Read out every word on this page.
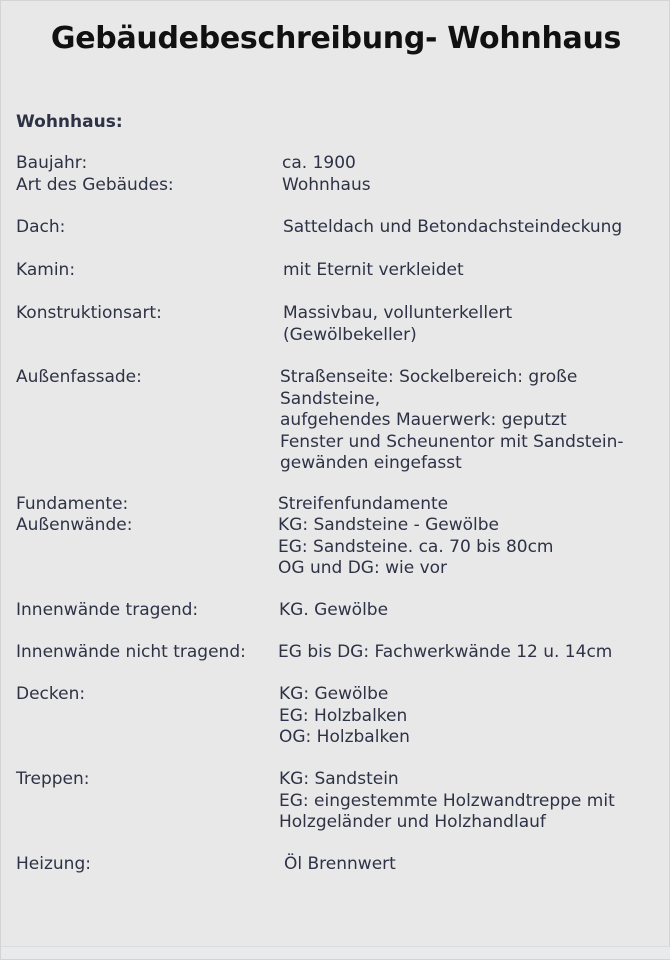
Gebäudebeschreibung- Wohnhaus
Wohnhaus:
Baujahr:	ca. 1900
Art des Gebäudes:	Wohnhaus
Dach:	Satteldach und Betondachsteindeckung
Kamin:	mit Eternit verkleidet
Konstruktionsart:	Massivbau, vollunterkellert
(Gewölbekeller)
Außenfassade:	Straßenseite: Sockelbereich: große
Sandsteine,
aufgehendes Mauerwerk: geputzt
Fenster und Scheunentor mit Sandstein-
gewänden eingefasst
Fundamente:	Streifenfundamente
Außenwände:	KG: Sandsteine - Gewölbe
EG: Sandsteine. ca. 70 bis 80cm
OG und DG: wie vor
Innenwände tragend:	KG. Gewölbe
Innenwände nicht tragend: EG bis DG: Fachwerkwände 12 u. 14cm
Decken:	KG: Gewölbe
EG: Holzbalken
OG: Holzbalken
Treppen:	KG: Sandstein
EG: eingestemmte Holzwandtreppe mit
Holzgeländer und Holzhandlauf
Heizung:	Öl Brennwert
